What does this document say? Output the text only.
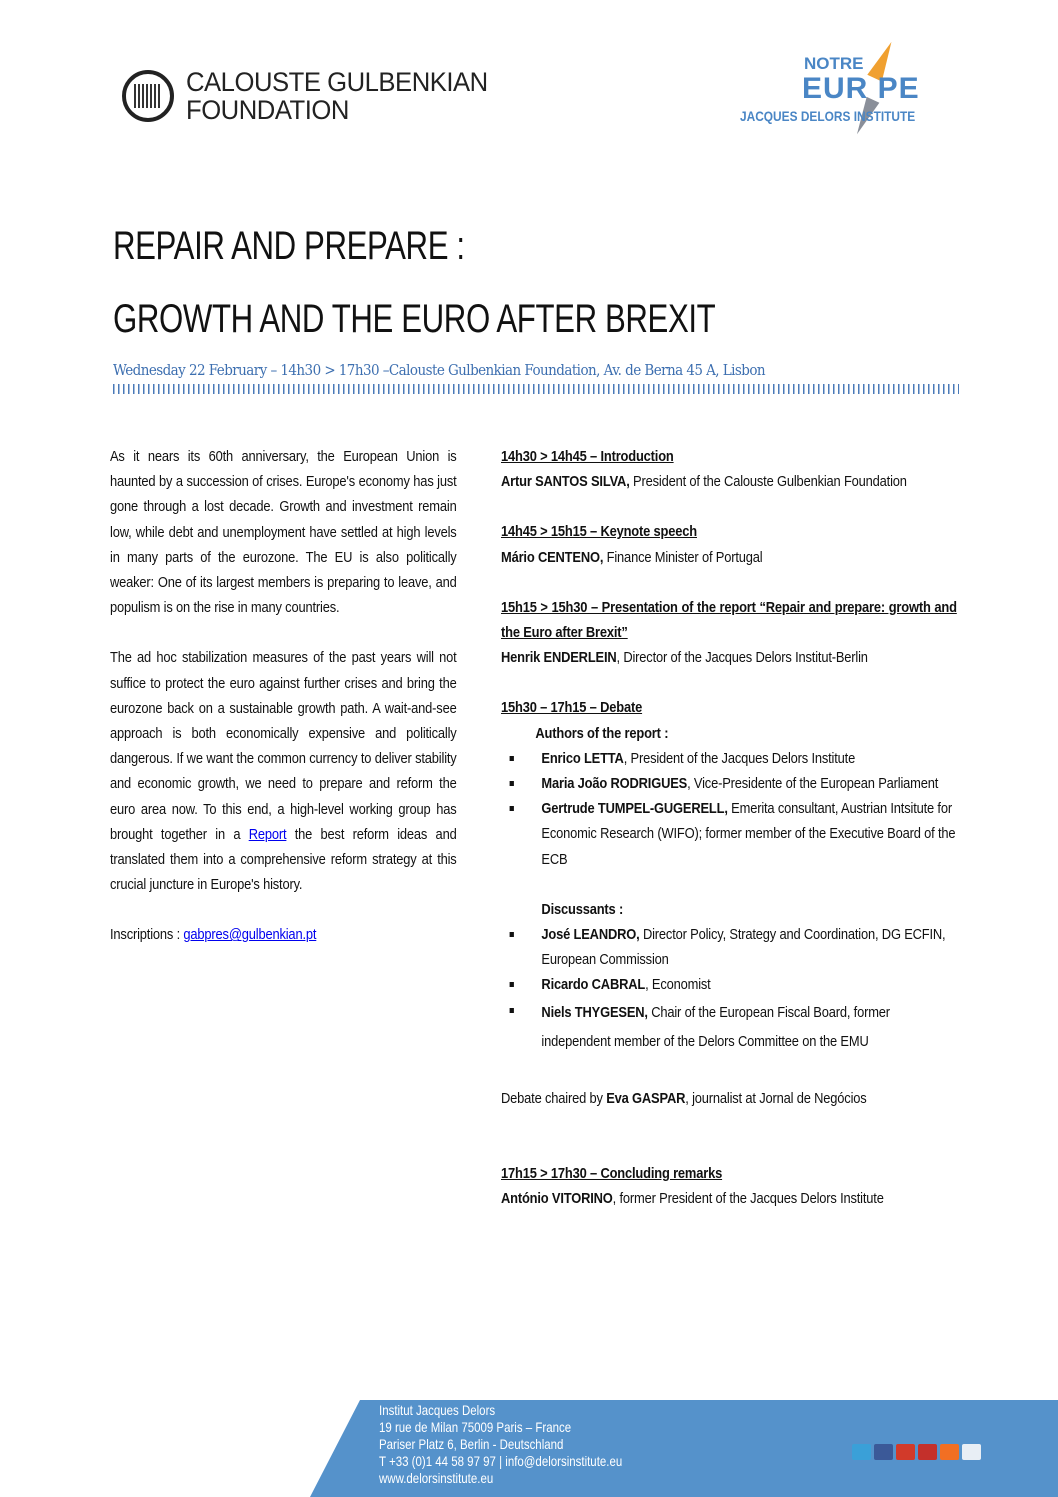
CALOUSTE GULBENKIAN
FOUNDATION
NOTRE
EUR PE
JACQUES DELORS INSTITUTE
REPAIR AND PREPARE :
GROWTH AND THE EURO AFTER BREXIT
Wednesday 22 February – 14h30 > 17h30 –Calouste Gulbenkian Foundation, Av. de Berna 45 A, Lisbon

As it nears its 60th anniversary, the European Union is haunted by a succession of crises. Europe's economy has just gone through a lost decade. Growth and investment remain low, while debt and unemployment have settled at high levels in many parts of the eurozone. The EU is also politically weaker: One of its largest members is preparing to leave, and populism is on the rise in many countries.

The ad hoc stabilization measures of the past years will not suffice to protect the euro against further crises and bring the eurozone back on a sustainable growth path. A wait-and-see approach is both economically expensive and politically dangerous. If we want the common currency to deliver stability and economic growth, we need to prepare and reform the euro area now. To this end, a high-level working group has brought together in a Report the best reform ideas and translated them into a comprehensive reform strategy at this crucial juncture in Europe's history.

Inscriptions : gabpres@gulbenkian.pt

14h30 > 14h45 – Introduction

Artur SANTOS SILVA, President of the Calouste Gulbenkian Foundation

14h45 > 15h15 – Keynote speech

Mário CENTENO, Finance Minister of Portugal

15h15 > 15h30 – Presentation of the report “Repair and prepare: growth and the Euro after Brexit”

Henrik ENDERLEIN, Director of the Jacques Delors Institut-Berlin

15h30 – 17h15 – Debate

Authors of the report :

Enrico LETTA, President of the Jacques Delors Institute
Maria João RODRIGUES, Vice-Presidente of the European Parliament
Gertrude TUMPEL-GUGERELL, Emerita consultant, Austrian Intsitute for Economic Research (WIFO); former member of the Executive Board of the ECB

Discussants :

José LEANDRO, Director Policy, Strategy and Coordination, DG ECFIN, European Commission
Ricardo CABRAL, Economist
Niels THYGESEN, Chair of the European Fiscal Board, former independent member of the Delors Committee on the EMU

Debate chaired by Eva GASPAR, journalist at Jornal de Negócios

17h15 > 17h30 – Concluding remarks

António VITORINO, former President of the Jacques Delors Institute

Institut Jacques Delors
19 rue de Milan 75009 Paris – France
Pariser Platz 6, Berlin - Deutschland
T +33 (0)1 44 58 97 97 | info@delorsinstitute.eu
www.delorsinstitute.eu
